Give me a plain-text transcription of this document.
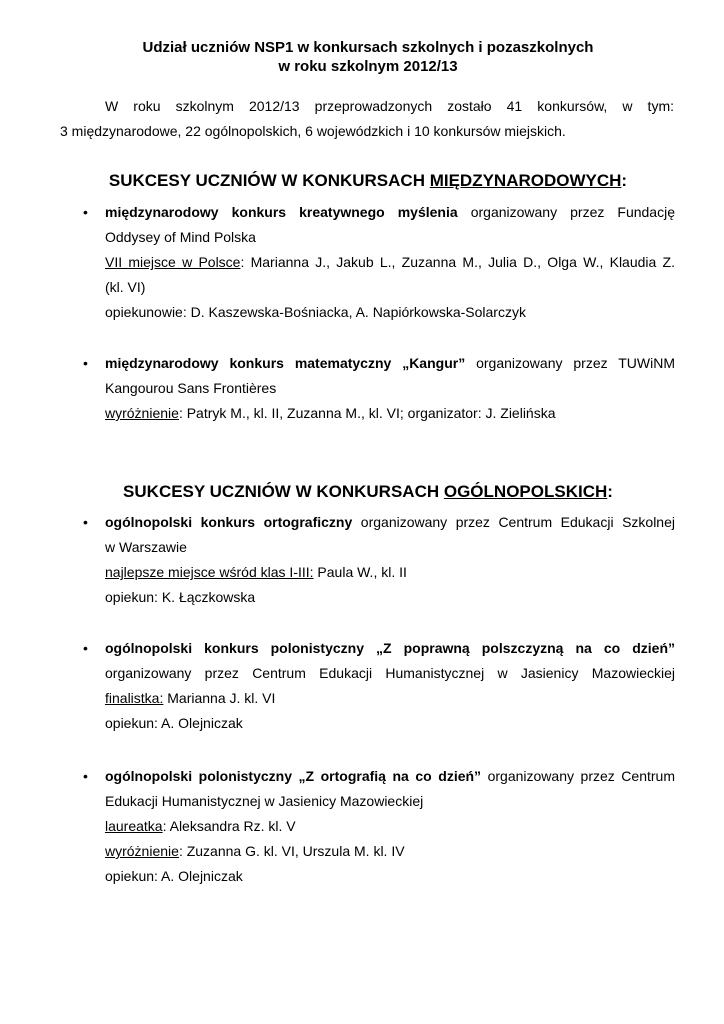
Udział uczniów NSP1 w konkursach szkolnych i pozaszkolnych
w roku szkolnym 2012/13
W roku szkolnym 2012/13 przeprowadzonych zostało 41 konkursów, w tym:
3 międzynarodowe, 22 ogólnopolskich, 6 wojewódzkich i 10 konkursów miejskich.
SUKCESY UCZNIÓW W KONKURSACH MIĘDZYNARODOWYCH:
• międzynarodowy konkurs kreatywnego myślenia organizowany przez Fundację
Oddysey of Mind Polska
VII miejsce w Polsce: Marianna J., Jakub L., Zuzanna M., Julia D., Olga W., Klaudia Z.
(kl. VI)
opiekunowie: D. Kaszewska-Bośniacka, A. Napiórkowska-Solarczyk
• międzynarodowy konkurs matematyczny „Kangur” organizowany przez TUWiNM
Kangourou Sans Frontières
wyróżnienie: Patryk M., kl. II, Zuzanna M., kl. VI; organizator: J. Zielińska
SUKCESY UCZNIÓW W KONKURSACH OGÓLNOPOLSKICH:
• ogólnopolski konkurs ortograficzny organizowany przez Centrum Edukacji Szkolnej
w Warszawie
najlepsze miejsce wśród klas I-III: Paula W., kl. II
opiekun: K. Łączkowska
• ogólnopolski konkurs polonistyczny „Z poprawną polszczyzną na co dzień”
organizowany przez Centrum Edukacji Humanistycznej w Jasienicy Mazowieckiej
finalistka: Marianna J. kl. VI
opiekun: A. Olejniczak
• ogólnopolski polonistyczny „Z ortografią na co dzień” organizowany przez Centrum
Edukacji Humanistycznej w Jasienicy Mazowieckiej
laureatka: Aleksandra Rz. kl. V
wyróżnienie: Zuzanna G. kl. VI, Urszula M. kl. IV
opiekun: A. Olejniczak
